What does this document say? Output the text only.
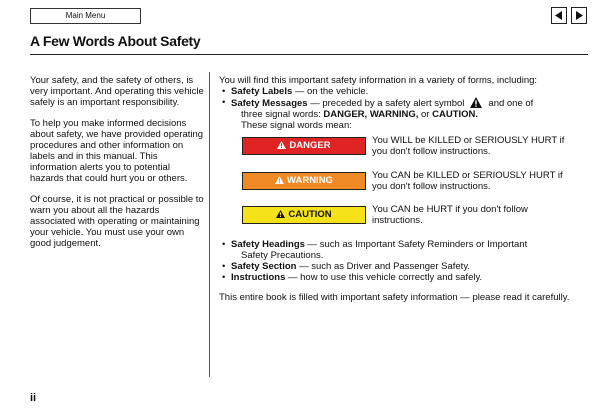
Main Menu
A Few Words About Safety

Your safety, and the safety of others, is very important. And operating this vehicle safely is an important responsibility.

To help you make informed decisions about safety, we have provided operating procedures and other information on labels and in this manual. This information alerts you to potential hazards that could hurt you or others.

Of course, it is not practical or possible to warn you about all the hazards associated with operating or maintaining your vehicle. You must use your own good judgement.

You will find this important safety information in a variety of forms, including:

• Safety Labels — on the vehicle.

• Safety Messages — preceded by a safety alert symbol	and one of

three signal words: DANGER, WARNING, or CAUTION.

These signal words mean:

DANGER	You WILL be KILLED or SERIOUSLY HURT if you don't follow instructions.
WARNING	You CAN be KILLED or SERIOUSLY HURT if you don't follow instructions.
CAUTION	You CAN be HURT if you don't follow instructions.

• Safety Headings — such as Important Safety Reminders or Important

Safety Precautions.

• Safety Section — such as Driver and Passenger Safety.

• Instructions — how to use this vehicle correctly and safely.

This entire book is filled with important safety information — please read it carefully.

ii
